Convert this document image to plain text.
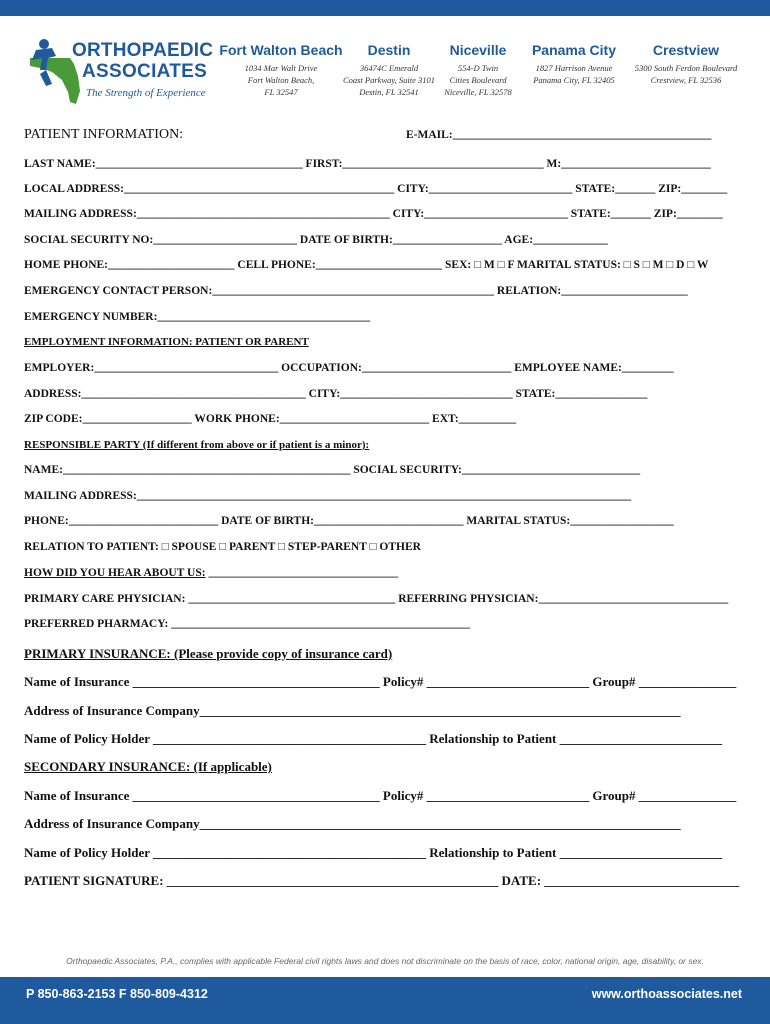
ORTHOPAEDIC
ASSOCIATES
The Strength of Experience
Fort Walton Beach
1034 Mar Walt Drive
Fort Walton Beach,
FL 32547
Destin
36474C Emerald
Coast Parkway, Suite 3101
Destin, FL 32541
Niceville
554-D Twin
Cities Boulevard
Niceville, FL 32578
Panama City
1827 Harrison Avenue
Panama City, FL 32405
Crestview
5300 South Ferdon Boulevard
Crestview, FL 32536
PATIENT INFORMATION:	E-MAIL:_____________________________________________
LAST NAME:____________________________________ FIRST:___________________________________ M:__________________________
LOCAL ADDRESS:_______________________________________________ CITY:_________________________ STATE:_______ ZIP:________
MAILING ADDRESS:____________________________________________ CITY:_________________________ STATE:_______ ZIP:________
SOCIAL SECURITY NO:_________________________ DATE OF BIRTH:___________________ AGE:_____________
HOME PHONE:______________________ CELL PHONE:______________________ SEX: □ M □ F MARITAL STATUS: □ S □ M □ D □ W
EMERGENCY CONTACT PERSON:_________________________________________________ RELATION:______________________
EMERGENCY NUMBER:_____________________________________
EMPLOYMENT INFORMATION: PATIENT OR PARENT
EMPLOYER:________________________________ OCCUPATION:__________________________ EMPLOYEE NAME:_________
ADDRESS:_______________________________________ CITY:______________________________ STATE:________________
ZIP CODE:___________________ WORK PHONE:__________________________ EXT:__________
RESPONSIBLE PARTY (If different from above or if patient is a minor):
NAME:__________________________________________________ SOCIAL SECURITY:_______________________________
MAILING ADDRESS:______________________________________________________________________________________
PHONE:__________________________ DATE OF BIRTH:__________________________ MARITAL STATUS:__________________
RELATION TO PATIENT: □ SPOUSE □ PARENT □ STEP-PARENT □ OTHER
HOW DID YOU HEAR ABOUT US: _________________________________
PRIMARY CARE PHYSICIAN: ____________________________________ REFERRING PHYSICIAN:_________________________________
PREFERRED PHARMACY: ____________________________________________________
PRIMARY INSURANCE: (Please provide copy of insurance card)
Name of Insurance ______________________________________ Policy# _________________________ Group# _______________
Address of Insurance Company__________________________________________________________________________
Name of Policy Holder __________________________________________ Relationship to Patient _________________________
SECONDARY INSURANCE: (If applicable)
Name of Insurance ______________________________________ Policy# _________________________ Group# _______________
Address of Insurance Company__________________________________________________________________________
Name of Policy Holder __________________________________________ Relationship to Patient _________________________
PATIENT SIGNATURE: ___________________________________________________ DATE: ______________________________
Orthopaedic Associates, P.A., complies with applicable Federal civil rights laws and does not discriminate on the basis of race, color, national origin, age, disability, or sex.
P 850-863-2153 F 850-809-4312	www.orthoassociates.net
